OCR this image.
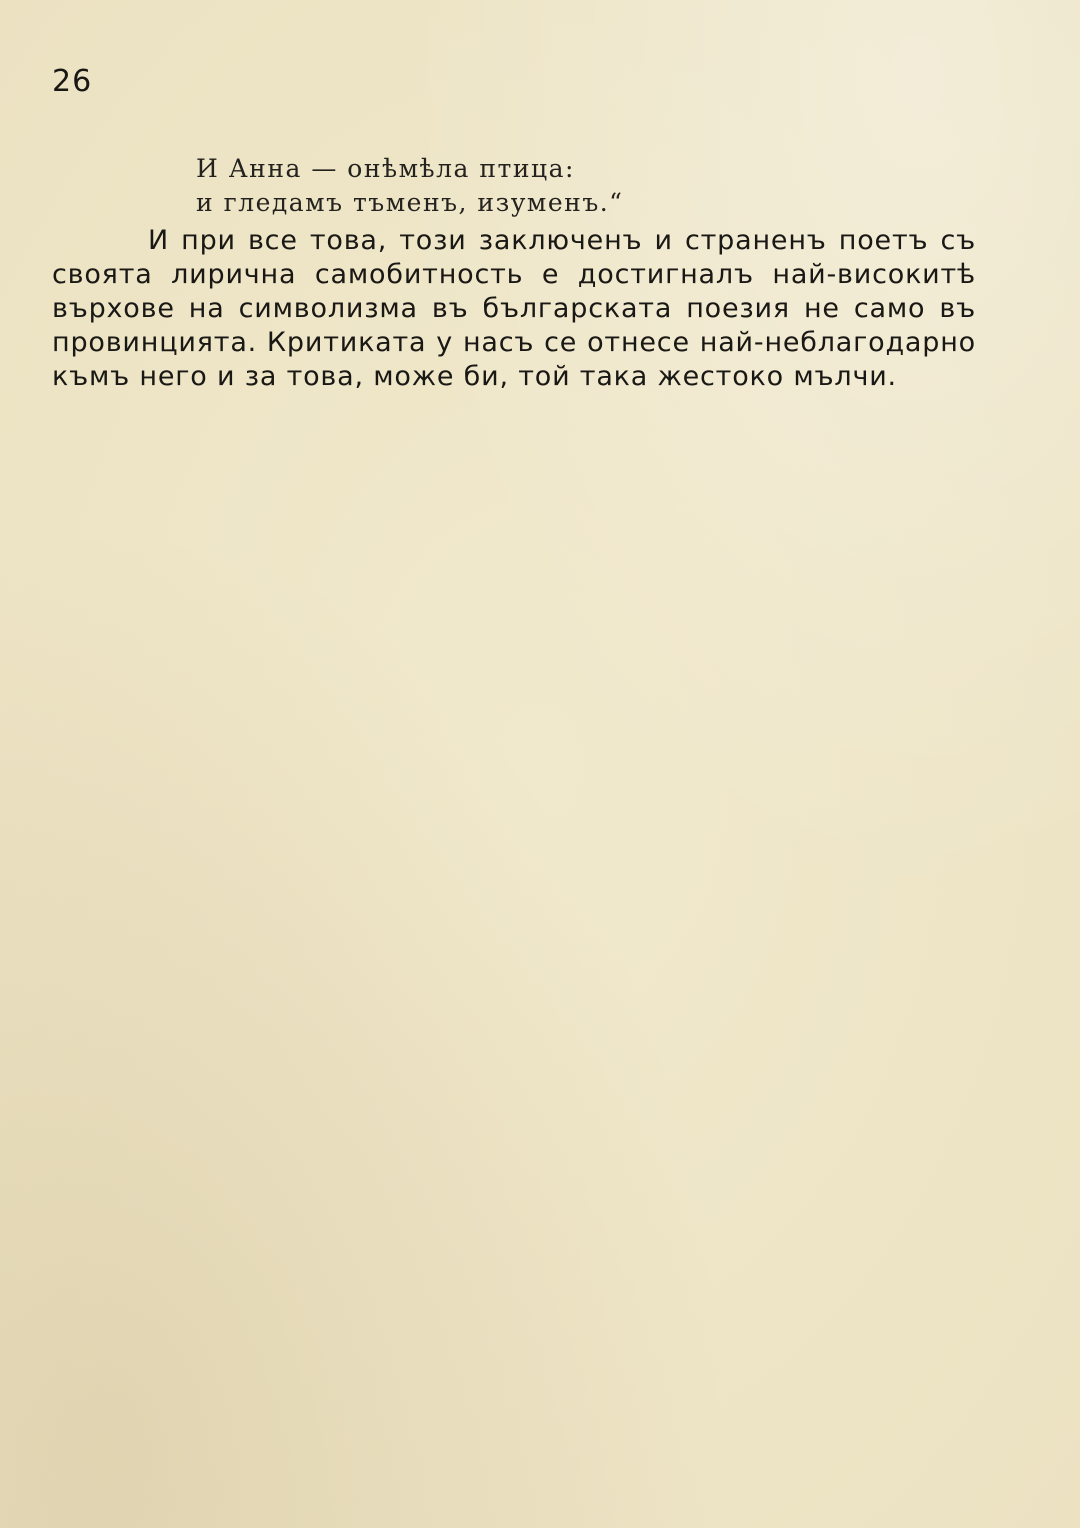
26
И Анна — онѣмѣла птица:
и гледамъ тъменъ, изуменъ.“

И при все това, този заключенъ и страненъ поетъ съ своята лирична самобитность е достигналъ най-високитѣ върхове на символизма въ българската поезия не само въ провинцията. Критиката у насъ се отнесе най-неблагодарно къмъ него и за това, може би, той така жестоко мълчи.
